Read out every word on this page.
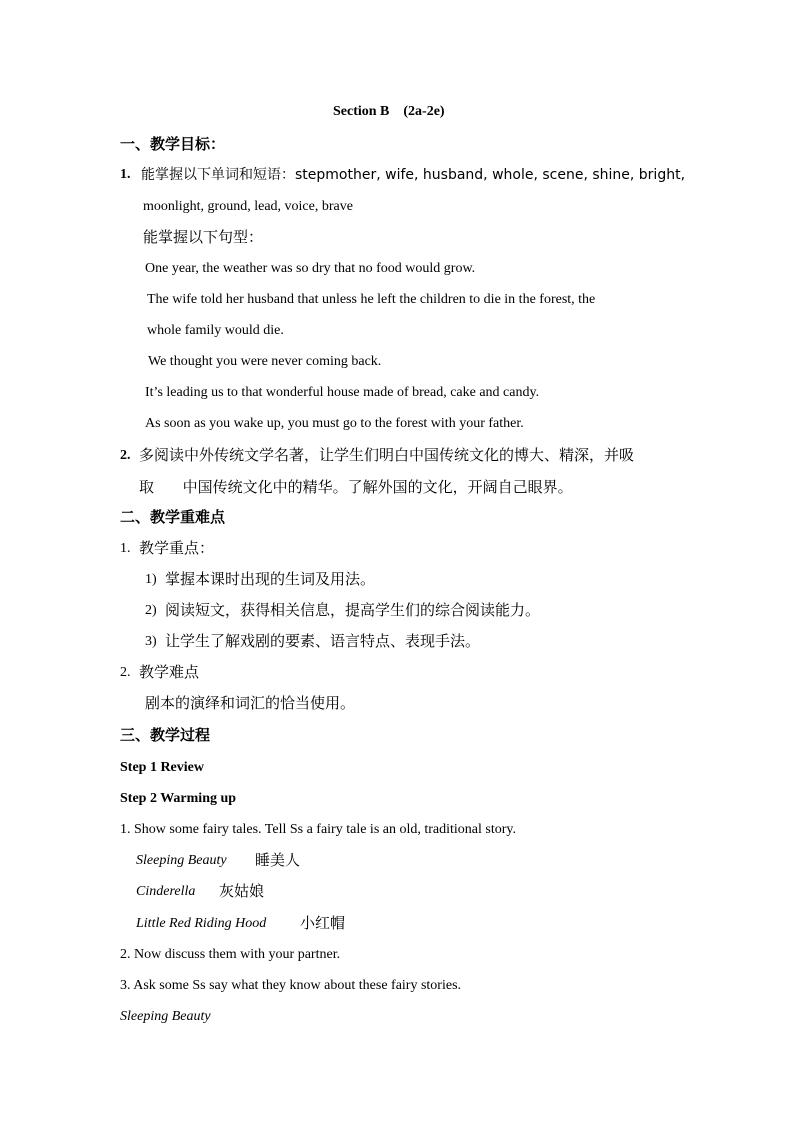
Section B    (2a-2e)
一、教学目标：
1. 能掌握以下单词和短语：stepmother, wife, husband, whole, scene, shine, bright,
moonlight, ground, lead, voice, brave
能掌握以下句型：
One year, the weather was so dry that no food would grow.
The wife told her husband that unless he left the children to die in the forest, the
whole family would die.
We thought you were never coming back.
It’s leading us to that wonderful house made of bread, cake and candy.
As soon as you wake up, you must go to the forest with your father.
2. 多阅读中外传统文学名著，让学生们明白中国传统文化的博大、精深，并吸
取      中国传统文化中的精华。了解外国的文化，开阔自己眼界。
二、教学重难点
1. 教学重点：
1) 掌握本课时出现的生词及用法。
2) 阅读短文，获得相关信息，提高学生们的综合阅读能力。
3) 让学生了解戏剧的要素、语言特点、表现手法。
2. 教学难点
剧本的演绎和词汇的恰当使用。
三、教学过程
Step 1 Review
Step 2 Warming up
1. Show some fairy tales. Tell Ss a fairy tale is an old, traditional story.
Sleeping Beauty 睡美人
Cinderella 灰姑娘
Little Red Riding Hood 小红帽
2. Now discuss them with your partner.
3. Ask some Ss say what they know about these fairy stories.
Sleeping Beauty
